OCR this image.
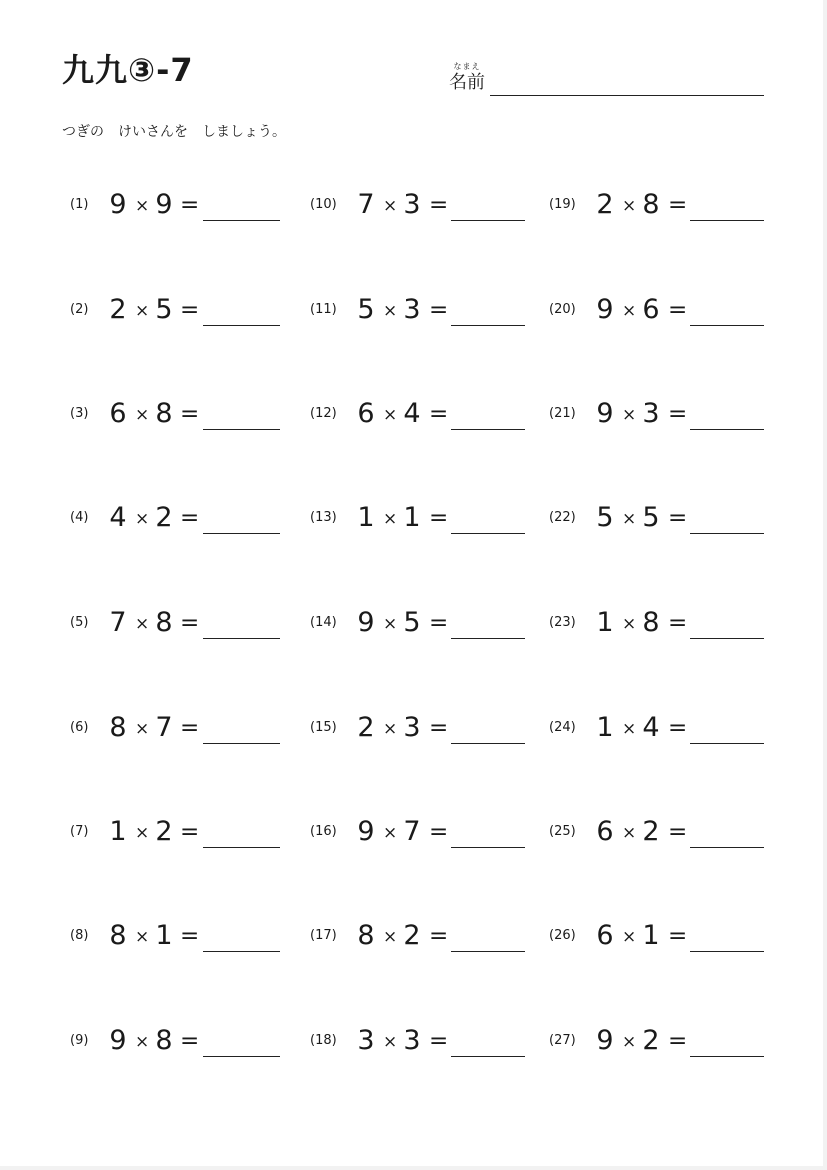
九九③-7	なまえ
名前
つぎの　けいさんを　しましょう。
(1) 9 × 9 =
(2) 2 × 5 =
(3) 6 × 8 =
(4) 4 × 2 =
(5) 7 × 8 =
(6) 8 × 7 =
(7) 1 × 2 =
(8) 8 × 1 =
(9) 9 × 8 =
(10) 7 × 3 =
(11) 5 × 3 =
(12) 6 × 4 =
(13) 1 × 1 =
(14) 9 × 5 =
(15) 2 × 3 =
(16) 9 × 7 =
(17) 8 × 2 =
(18) 3 × 3 =
(19) 2 × 8 =
(20) 9 × 6 =
(21) 9 × 3 =
(22) 5 × 5 =
(23) 1 × 8 =
(24) 1 × 4 =
(25) 6 × 2 =
(26) 6 × 1 =
(27) 9 × 2 =
